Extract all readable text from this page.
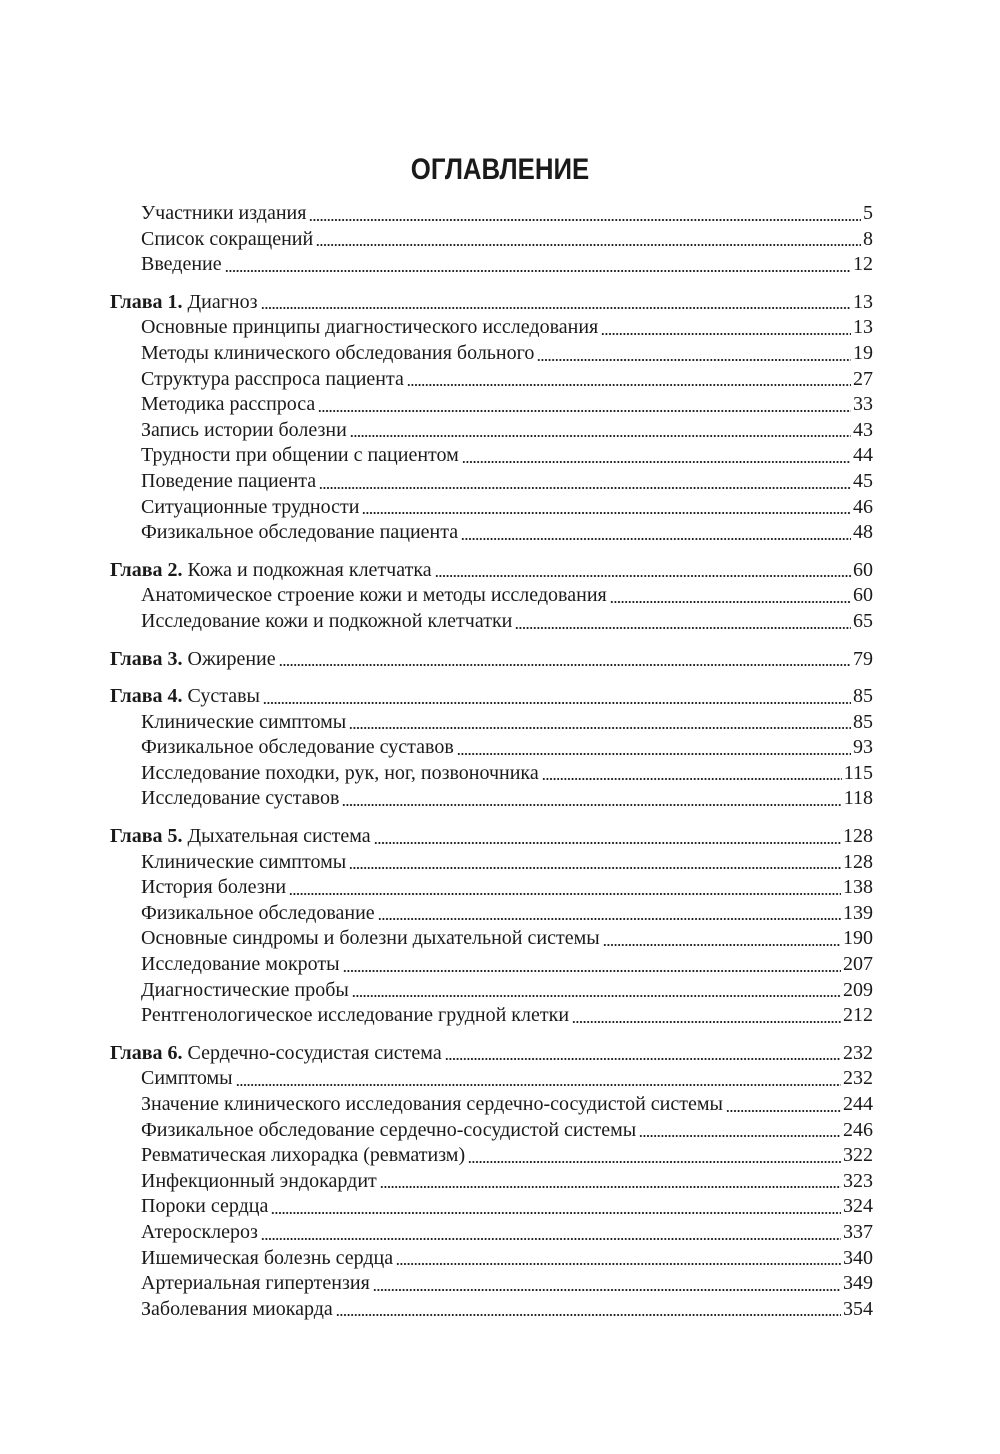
ОГЛАВЛЕНИЕ
Участники издания	5
Список сокращений	8
Введение	12
Глава 1. Диагноз	13
Основные принципы диагностического исследования	13
Методы клинического обследования больного	19
Структура расспроса пациента	27
Методика расспроса	33
Запись истории болезни	43
Трудности при общении с пациентом	44
Поведение пациента	45
Ситуационные трудности	46
Физикальное обследование пациента	48
Глава 2. Кожа и подкожная клетчатка	60
Анатомическое строение кожи и методы исследования	60
Исследование кожи и подкожной клетчатки	65
Глава 3. Ожирение	79
Глава 4. Суставы	85
Клинические симптомы	85
Физикальное обследование суставов	93
Исследование походки, рук, ног, позвоночника	115
Исследование суставов	118
Глава 5. Дыхательная система	128
Клинические симптомы	128
История болезни	138
Физикальное обследование	139
Основные синдромы и болезни дыхательной системы	190
Исследование мокроты	207
Диагностические пробы	209
Рентгенологическое исследование грудной клетки	212
Глава 6. Сердечно-сосудистая система	232
Симптомы	232
Значение клинического исследования сердечно-сосудистой системы	244
Физикальное обследование сердечно-сосудистой системы	246
Ревматическая лихорадка (ревматизм)	322
Инфекционный эндокардит	323
Пороки сердца	324
Атеросклероз	337
Ишемическая болезнь сердца	340
Артериальная гипертензия	349
Заболевания миокарда	354
